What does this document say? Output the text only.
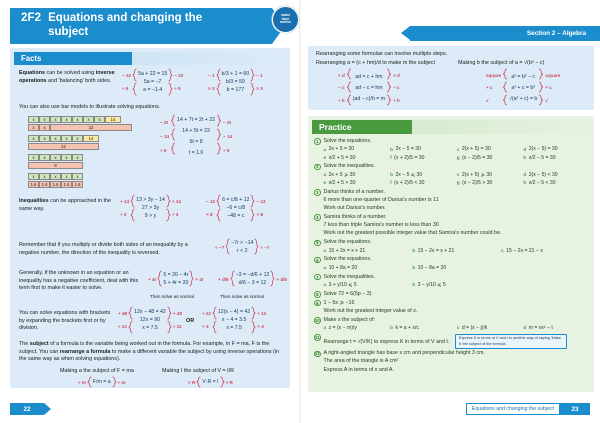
2F2 Equations and changing the subject
make
time
maths
Facts
Equations can be solved using inverse operations and 'balancing' both sides.
− 22
÷ 5
5a + 22 = 15
5a = −7
a = −1.4
− 22
÷ 5
− 1
× 3
b/3 + 1 = 60
b/3 = 59
b = 177
− 1
× 3
You can also use bar models to illustrate solving equations.
x	x	x	x	x	x	x	14
x	x	22
x	x	x	x	x	14
22
x	x	x	x	x
8
x	x	x	x	x
1.6	1.6	1.6	1.6	1.6
− 2t
− 14
÷ 5
14 + 7t = 2t + 22
14 + 5t = 22
5t = 8
t = 1.6
− 2t
− 14
÷ 5
Inequalities can be approached in the same way.
+ 14
÷ 3
13 > 3y − 14
27 > 3y
9 > y
+ 14
÷ 3
− 12
× 8
6 = c/8 + 12
−6 = c/8
−48 = c
− 12
× 8
Remember that if you multiply or divide both sides of an inequality by a negative number, the direction of the inequality is reversed.
÷ −7
−7r > −14
r < 2
÷ −7
Generally, if the unknown in an equation or an inequality has a negative coefficient, deal with this term first to make it easier to solve.
+ 4r
5 = 20 − 4r
5 + 4r = 20
+ 4r	+ d/6
−3 = −d/6 + 12
d/6 − 3 = 12
+ d/6
Then solve as normal	Then solve as normal
You can solve equations with brackets by expanding the brackets first or by division.
+ 48
÷ 12
12x − 48 = 42
12x = 90
x = 7.5
+ 48
÷ 12
OR
÷ 12
+ 4
12(x − 4) = 42
x − 4 = 3.5
x = 7.5
÷ 12
+ 4
The subject of a formula is the variable being worked out in the formula. For example, in F = ma, F is the subject. You can rearrange a formula to make a different variable the subject by using inverse operations (in the same way as when solving equations).
Making a the subject of F = ma	Making I the subject of V = I/R
÷ m F/m = a ÷ m	× R V·R = I × R
22
Section 2 – Algebra
Rearranging some formulae can involve multiple steps.
Rearranging a = (c + hm)/d to make m the subject	Making b the subject of a = √(b² − c)
× d
− c
÷ h
ad = c + hm
ad − c = hm
(ad − c)/h = m
× d
− c
÷ h
square
+ c
√
a² = b² − c
a² + c = b²
√(a² + c) = b
square
+ c
√
Practice
1 Solve the equations.
a 2x + 5 = 30	b 2x − 5 = 30	c 2(x + 5) = 30	d 2(x − 5) = 30
e x/2 + 5 = 30	f (x + 2)/5 = 30	g (x − 2)/5 = 30	h x/2 − 5 = 30
2 Solve the inequalities.
a 2x + 5 ⩾ 30	b 2x − 5 ⩽ 30	c 2(x + 5) ⩾ 30	d 2(x − 5) < 30
e x/2 + 5 > 30	f (x + 2)/5 < 30	g (x − 2)/5 > 30	h x/2 − 5 < 30
3 Darius thinks of a number.
6 more than one-quarter of Darius's number is 11
Work out Darius's number.
4 Samira thinks of a number.
7 less than triple Samira's number is less than 30
Work out the greatest possible integer value that Samira's number could be.
5 Solve the equations.
a 15 + 2x = x + 21	b 15 − 2x = x + 21	c 15 − 2x = 21 − x
6 Solve the equations.
a 10 + 8a = 20	b 10 − 8a = 20
7 Solve the inequalities.
a 3 + y/10 ⩽ 5	b 3 − y/10 ⩽ 5
8 Solve 72 = 6(5p − 3)
9 1 − 5x ⩾ −16
Work out the greatest integer value of x.
10 Make x the subject of:
a z = (x − m)/y	b k = a + x/c	c d = (x − j)/k	d m = vx² − t
11
Rearrange t = √(V/K) to express K in terms of V and t.Express K in terms of V and t is another way of saying 'Make K the subject of the formula'.
12 A right-angled triangle has base x cm and perpendicular height 3 cm.
The area of the triangle is A cm²
Express A in terms of x and A.
Equations and changing the subject	23
